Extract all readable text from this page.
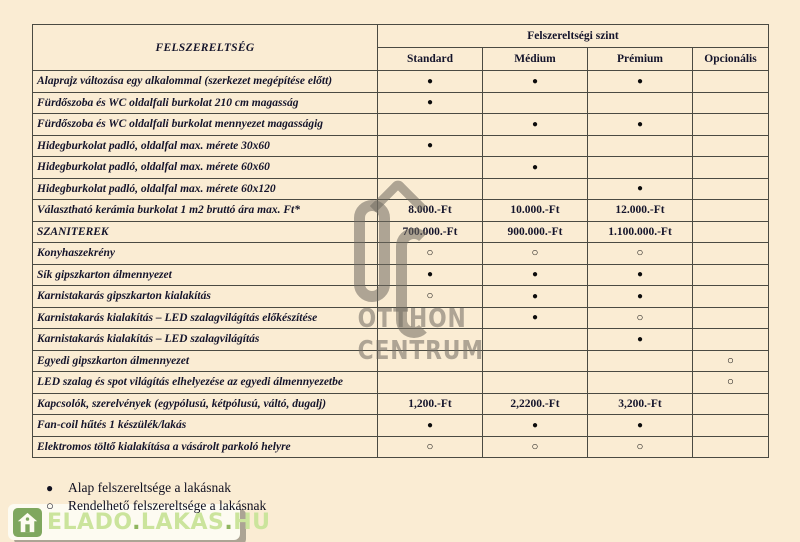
FELSZERELTSÉG	Felszereltségi szint			
	Standard	Médium	Prémium	Opcionális
Alaprajz változása egy alkalommal (szerkezet megépítése előtt)	●	●	●	
Fürdőszoba és WC oldalfali burkolat 210 cm magasság	●			
Fürdőszoba és WC oldalfali burkolat mennyezet magasságig		●	●	
Hidegburkolat padló, oldalfal max. mérete 30x60	●			
Hidegburkolat padló, oldalfal max. mérete 60x60		●		
Hidegburkolat padló, oldalfal max. mérete 60x120			●	
Választható kerámia burkolat 1 m2 bruttó ára max. Ft*	8.000.-Ft	10.000.-Ft	12.000.-Ft	
SZANITEREK	700.000.-Ft	900.000.-Ft	1.100.000.-Ft	
Konyhaszekrény	○	○	○	
Sík gipszkarton álmennyezet	●	●	●	
Karnistakarás gipszkarton kialakítás	○	●	●	
Karnistakarás kialakítás – LED szalagvilágítás előkészítése		●	○	
Karnistakarás kialakítás – LED szalagvilágítás			●	
Egyedi gipszkarton álmennyezet				○
LED szalag és spot világítás elhelyezése az egyedi álmennyezetbe				○
Kapcsolók, szerelvények (egypólusú, kétpólusú, váltó, dugalj)	1,200.-Ft	2,2200.-Ft	3,200.-Ft	
Fan-coil hűtés 1 készülék/lakás	●	●	●	
Elektromos töltő kialakítása a vásárolt parkoló helyre	○	○	○	
OTTHON
CENTRUM
●	Alap felszereltsége a lakásnak
○	Rendelhető felszereltsége a lakásnak
ELADO.LAKAS.HU
